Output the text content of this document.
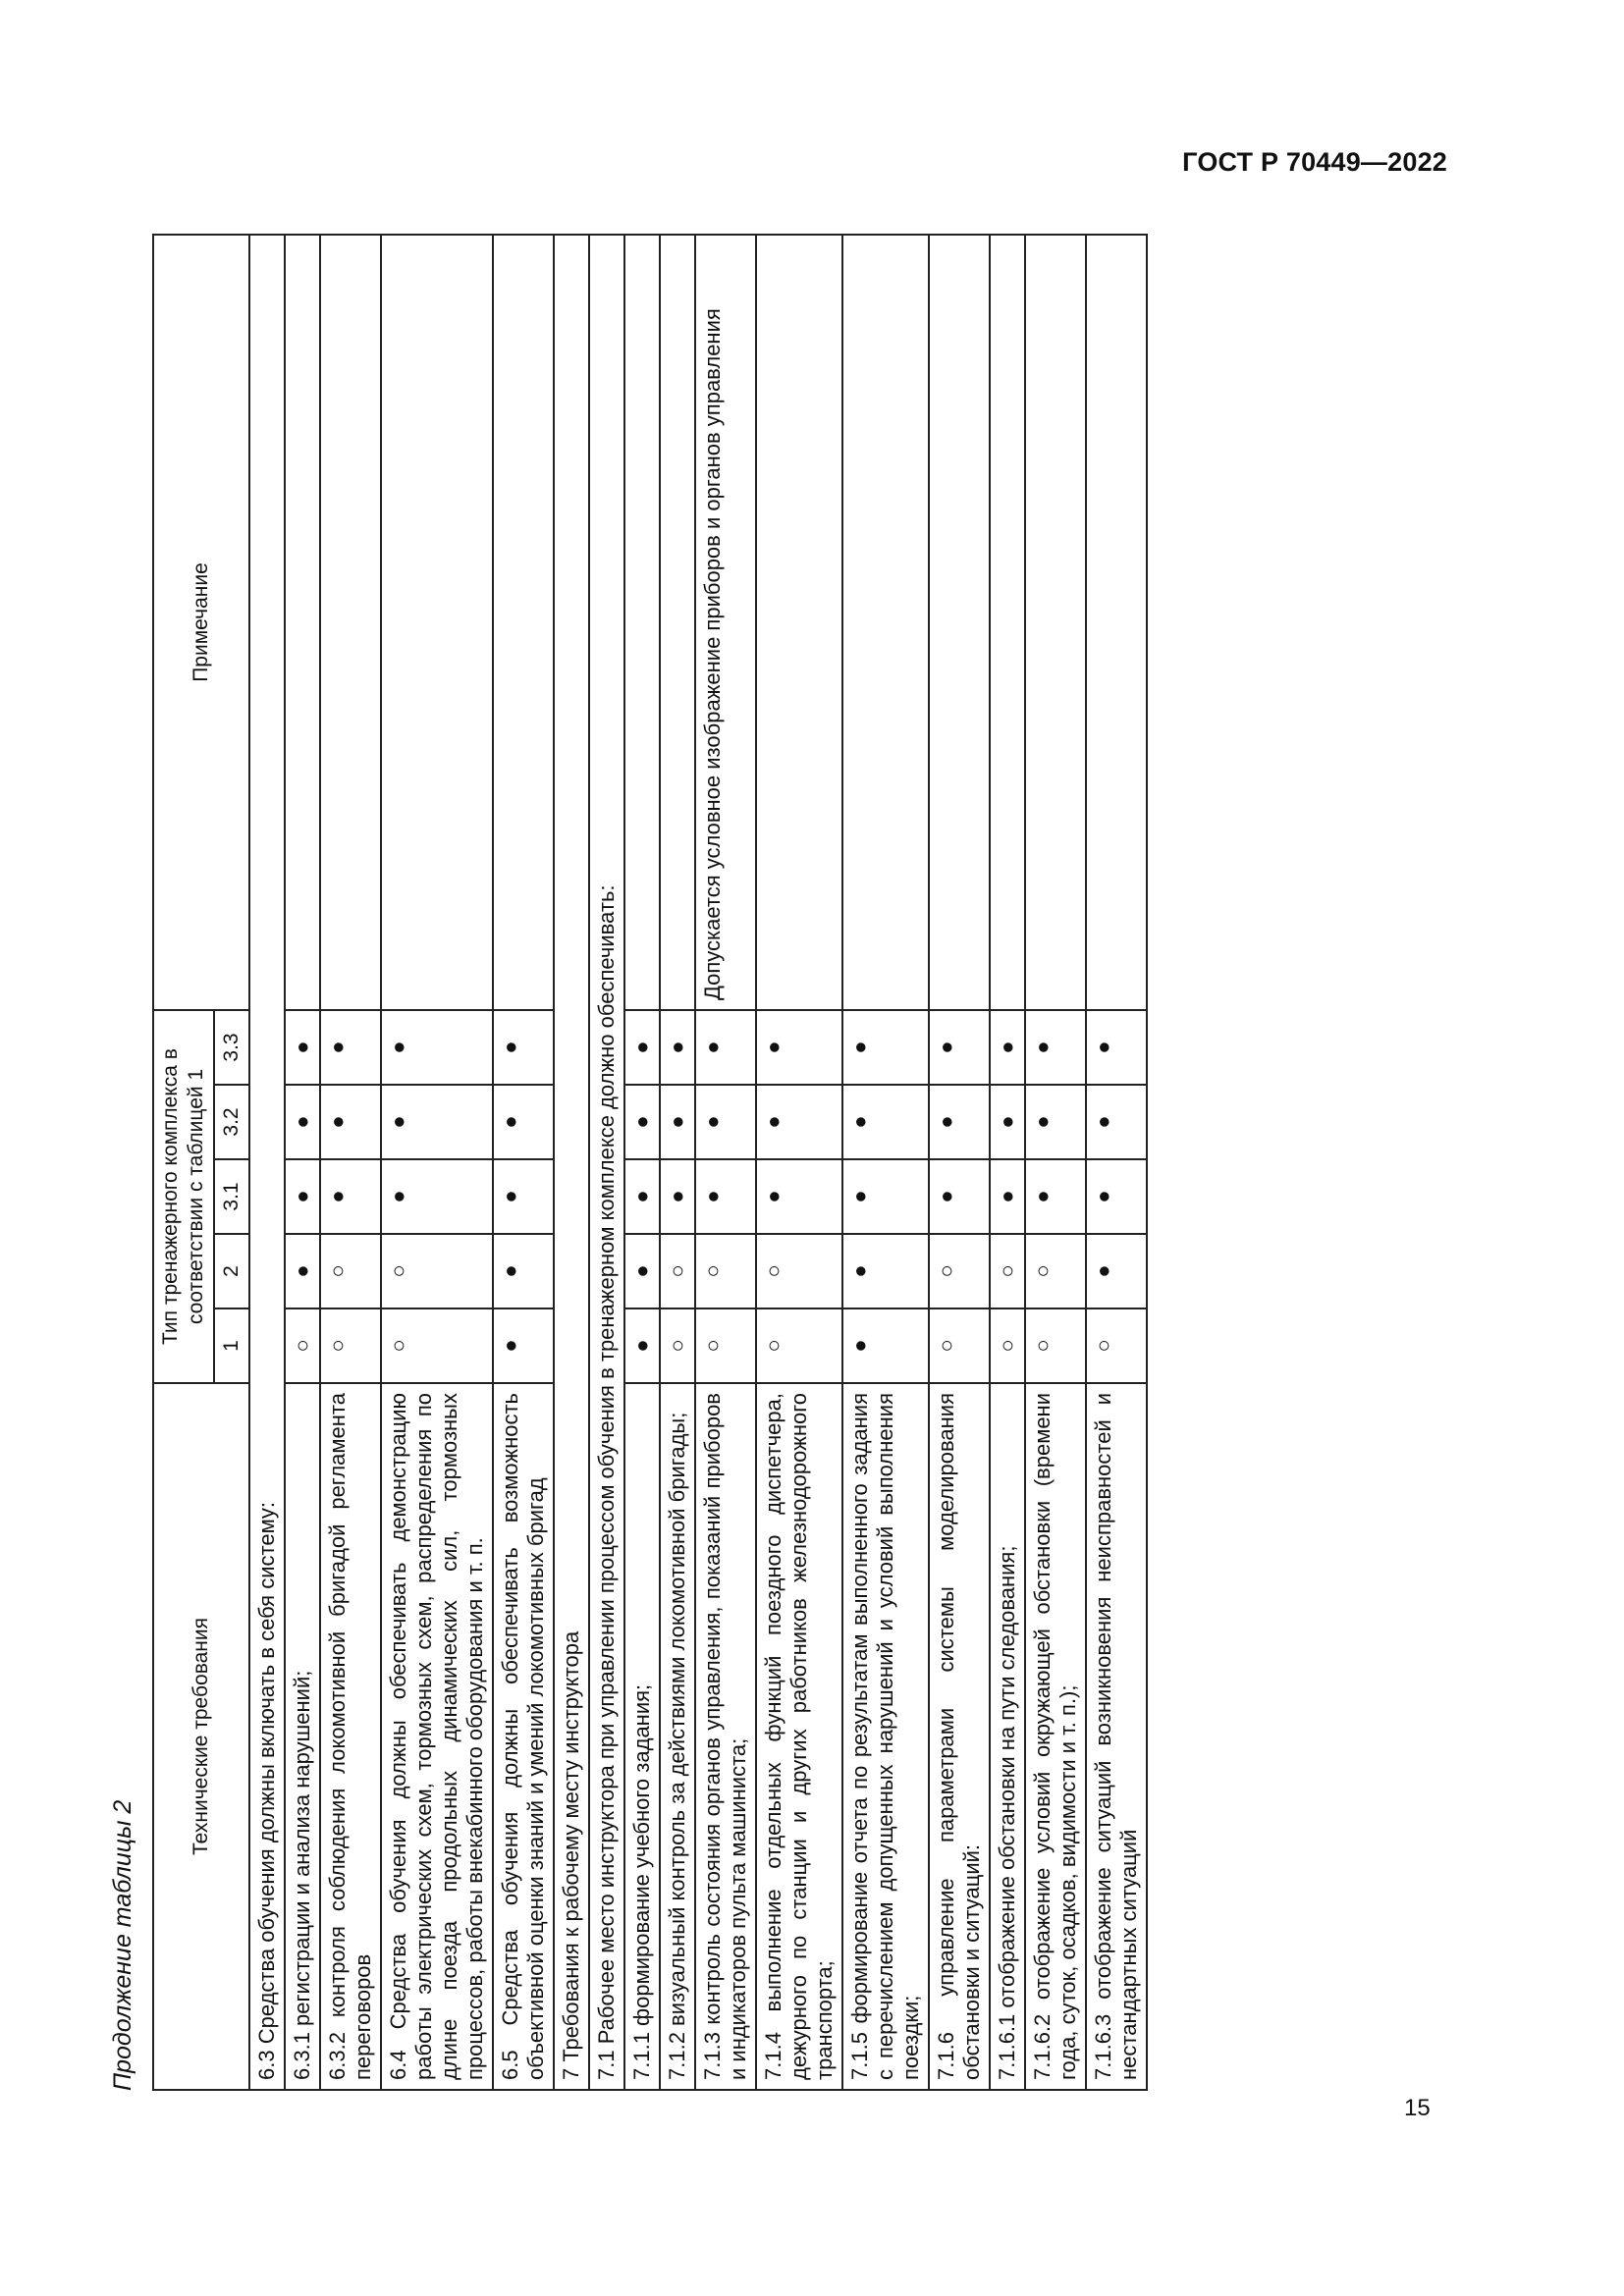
ГОСТ Р 70449—2022
Продолжение таблицы 2
Технические требования	Тип тренажерного комплекса в соответствии с таблицей 1					Примечание
	1	2	3.1	3.2	3.3	
6.3 Средства обучения должны включать в себя систему:						
6.3.1 регистрации и анализа нарушений;	○	●	●	●	●	
6.3.2 контроля соблюдения локомотивной бригадой регламента переговоров	○	○	●	●	●	
6.4 Средства обучения должны обеспечивать демонстрацию работы электрических схем, тормозных схем, распределения по длине поезда продольных динамических сил, тормозных процессов, работы внекабинного оборудования и т. п.	○	○	●	●	●	
6.5 Средства обучения должны обеспечивать возможность объективной оценки знаний и умений локомотивных бригад	●	●	●	●	●	
7 Требования к рабочему месту инструктора						
7.1 Рабочее место инструктора при управлении процессом обучения в тренажерном комплексе должно обеспечивать:						
7.1.1 формирование учебного задания;	●	●	●	●	●	
7.1.2 визуальный контроль за действиями локомотивной бригады;	○	○	●	●	●	
7.1.3 контроль состояния органов управления, показаний приборов и индикаторов пульта машиниста;	○	○	●	●	●	Допускается условное изображение приборов и органов управления
7.1.4 выполнение отдельных функций поездного диспетчера, дежурного по станции и других работников железнодорожного транспорта;	○	○	●	●	●	
7.1.5 формирование отчета по результатам выполненного задания с перечислением допущенных нарушений и условий выполнения поездки;	●	●	●	●	●	
7.1.6 управление параметрами системы моделирования обстановки и ситуаций:	○	○	●	●	●	
7.1.6.1 отображение обстановки на пути следования;	○	○	●	●	●	
7.1.6.2 отображение условий окружающей обстановки (времени года, суток, осадков, видимости и т. п.);	○	○	●	●	●	
7.1.6.3 отображение ситуаций возникновения неисправностей и нестандартных ситуаций	○	●	●	●	●	
15
